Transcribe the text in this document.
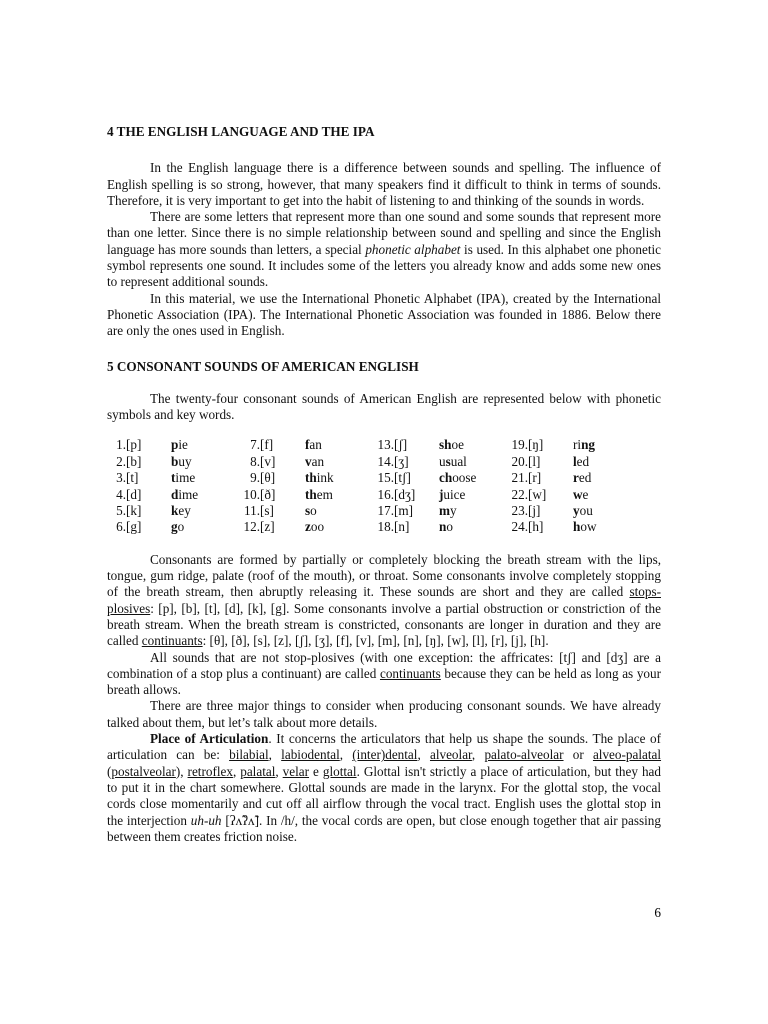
4 THE ENGLISH LANGUAGE AND THE IPA

In the English language there is a difference between sounds and spelling. The influence of English spelling is so strong, however, that many speakers find it difficult to think in terms of sounds. Therefore, it is very important to get into the habit of listening to and thinking of the sounds in words.

There are some letters that represent more than one sound and some sounds that represent more than one letter. Since there is no simple relationship between sound and spelling and since the English language has more sounds than letters, a special phonetic alphabet is used. In this alphabet one phonetic symbol represents one sound. It includes some of the letters you already know and adds some new ones to represent additional sounds.

In this material, we use the International Phonetic Alphabet (IPA), created by the International Phonetic Association (IPA). The International Phonetic Association was founded in 1886. Below there are only the ones used in English.

5 CONSONANT SOUNDS OF AMERICAN ENGLISH

The twenty-four consonant sounds of American English are represented below with phonetic symbols and key words.

1.	[p]	pie	7.	[f]	fan	13.	[ʃ]	shoe	19.	[ŋ]	ring
2.	[b]	buy	8.	[v]	van	14.	[ʒ]	usual	20.	[l]	led
3.	[t]	time	9.	[θ]	think	15.	[tʃ]	choose	21.	[r]	red
4.	[d]	dime	10.	[ð]	them	16.	[dʒ]	juice	22.	[w]	we
5.	[k]	key	11.	[s]	so	17.	[m]	my	23.	[j]	you
6.	[g]	go	12.	[z]	zoo	18.	[n]	no	24.	[h]	how

Consonants are formed by partially or completely blocking the breath stream with the lips, tongue, gum ridge, palate (roof of the mouth), or throat. Some consonants involve completely stopping of the breath stream, then abruptly releasing it. These sounds are short and they are called stops-plosives: [p], [b], [t], [d], [k], [g]. Some consonants involve a partial obstruction or constriction of the breath stream. When the breath stream is constricted, consonants are longer in duration and they are called continuants: [θ], [ð], [s], [z], [ʃ], [ʒ], [f], [v], [m], [n], [ŋ], [w], [l], [r], [j], [h].

All sounds that are not stop-plosives (with one exception: the affricates: [tʃ] and [dʒ] are a combination of a stop plus a continuant) are called continuants because they can be held as long as your breath allows.

There are three major things to consider when producing consonant sounds. We have already talked about them, but let’s talk about more details.

Place of Articulation. It concerns the articulators that help us shape the sounds. The place of articulation can be: bilabial, labiodental, (inter)dental, alveolar, palato-alveolar or alveo-palatal (postalveolar), retroflex, palatal, velar e glottal. Glottal isn't strictly a place of articulation, but they had to put it in the chart somewhere. Glottal sounds are made in the larynx. For the glottal stop, the vocal cords close momentarily and cut off all airflow through the vocal tract. English uses the glottal stop in the interjection uh-uh [ʔʌ̃ʔʌ̃]. In /h/, the vocal cords are open, but close enough together that air passing between them creates friction noise.

6
